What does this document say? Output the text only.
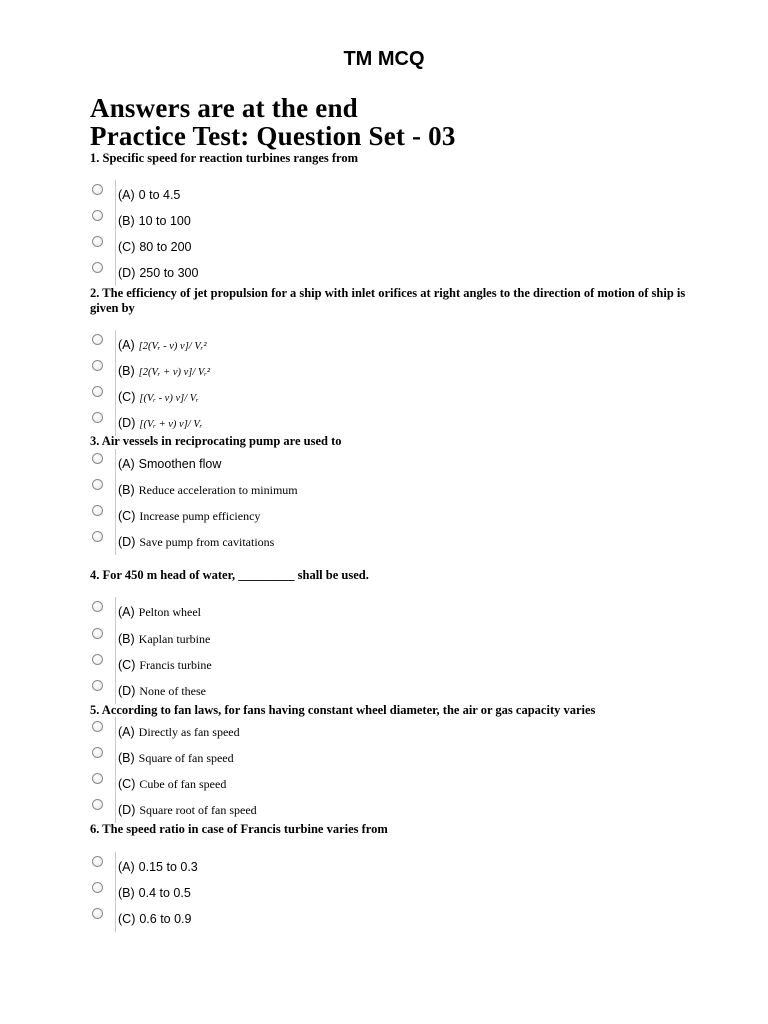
TM MCQ
Answers are at the end
Practice Test: Question Set - 03
1. Specific speed for reaction turbines ranges from
(A) 0 to 4.5
(B) 10 to 100
(C) 80 to 200
(D) 250 to 300
2. The efficiency of jet propulsion for a ship with inlet orifices at right angles to the direction of motion of ship is given by
(A) [2(Vᵣ - v) v]/ Vᵣ²
(B) [2(Vᵣ + v) v]/ Vᵣ²
(C) [(Vᵣ - v) v]/ Vᵣ
(D) [(Vᵣ + v) v]/ Vᵣ
3. Air vessels in reciprocating pump are used to
(A) Smoothen flow
(B) Reduce acceleration to minimum
(C) Increase pump efficiency
(D) Save pump from cavitations
4. For 450 m head of water, _________ shall be used.
(A) Pelton wheel
(B) Kaplan turbine
(C) Francis turbine
(D) None of these
5. According to fan laws, for fans having constant wheel diameter, the air or gas capacity varies
(A) Directly as fan speed
(B) Square of fan speed
(C) Cube of fan speed
(D) Square root of fan speed
6. The speed ratio in case of Francis turbine varies from
(A) 0.15 to 0.3
(B) 0.4 to 0.5
(C) 0.6 to 0.9
